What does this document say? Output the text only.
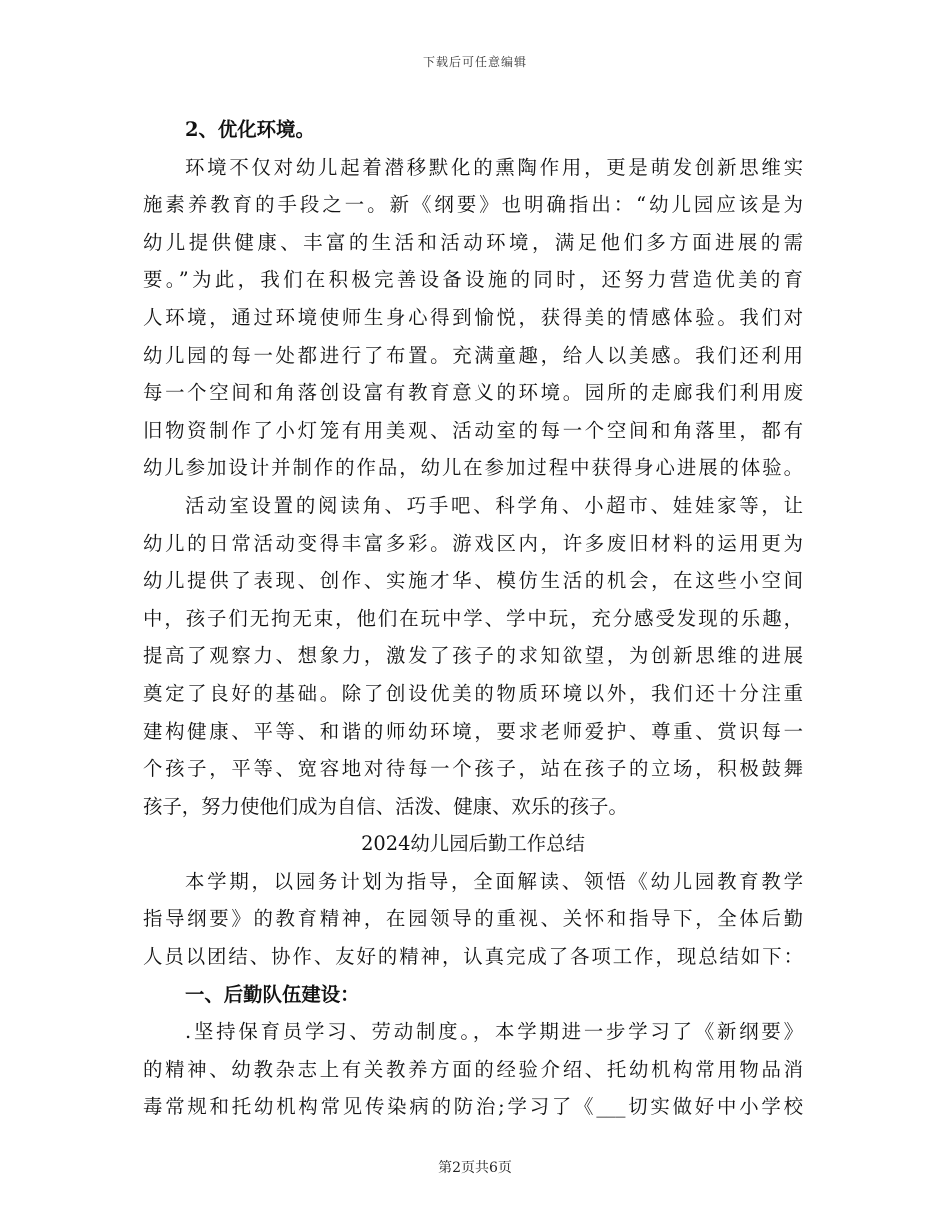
下载后可任意编辑
2、优化环境。
环境不仅对幼儿起着潜移默化的熏陶作用，更是萌发创新思维实
施素养教育的手段之一。新《纲要》也明确指出：“幼儿园应该是为
幼儿提供健康、丰富的生活和活动环境，满足他们多方面进展的需
要。”为此，我们在积极完善设备设施的同时，还努力营造优美的育
人环境，通过环境使师生身心得到愉悦，获得美的情感体验。我们对
幼儿园的每一处都进行了布置。充满童趣，给人以美感。我们还利用
每一个空间和角落创设富有教育意义的环境。园所的走廊我们利用废
旧物资制作了小灯笼有用美观、活动室的每一个空间和角落里，都有
幼儿参加设计并制作的作品，幼儿在参加过程中获得身心进展的体验。
活动室设置的阅读角、巧手吧、科学角、小超市、娃娃家等，让
幼儿的日常活动变得丰富多彩。游戏区内，许多废旧材料的运用更为
幼儿提供了表现、创作、实施才华、模仿生活的机会，在这些小空间
中，孩子们无拘无束，他们在玩中学、学中玩，充分感受发现的乐趣，
提高了观察力、想象力，激发了孩子的求知欲望，为创新思维的进展
奠定了良好的基础。除了创设优美的物质环境以外，我们还十分注重
建构健康、平等、和谐的师幼环境，要求老师爱护、尊重、赏识每一
个孩子，平等、宽容地对待每一个孩子，站在孩子的立场，积极鼓舞
孩子，努力使他们成为自信、活泼、健康、欢乐的孩子。
2024幼儿园后勤工作总结
本学期，以园务计划为指导，全面解读、领悟《幼儿园教育教学
指导纲要》的教育精神，在园领导的重视、关怀和指导下，全体后勤
人员以团结、协作、友好的精神，认真完成了各项工作，现总结如下：
一、后勤队伍建设：
.坚持保育员学习、劳动制度。，本学期进一步学习了《新纲要》
的精神、幼教杂志上有关教养方面的经验介绍、托幼机构常用物品消
毒常规和托幼机构常见传染病的防治;学习了《___切实做好中小学校
第2页共6页
